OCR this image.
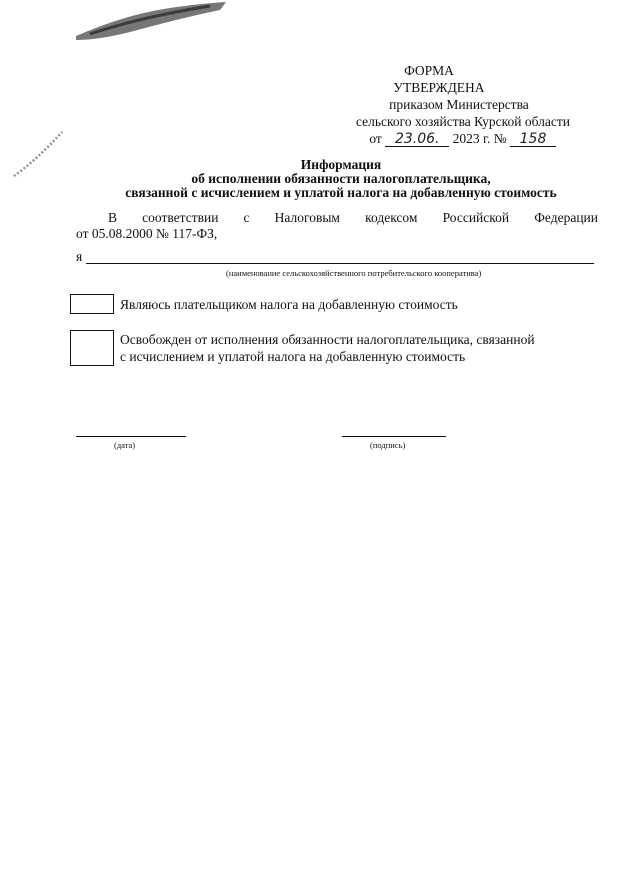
ФОРМА
УТВЕРЖДЕНА
приказом Министерства
сельского хозяйства Курской области
от 23.06. 2023 г. № 158
Информация
об исполнении обязанности налогоплательщика,
связанной с исчислением и уплатой налога на добавленную стоимость
В соответствии с Налоговым кодексом Российской Федерации
от 05.08.2000 № 117-ФЗ,
я
(наименование сельскохозяйственного потребительского кооператива)
Являюсь плательщиком налога на добавленную стоимость
Освобожден от исполнения обязанности налогоплательщика, связанной
с исчислением и уплатой налога на добавленную стоимость
(дата)	(подпись)
